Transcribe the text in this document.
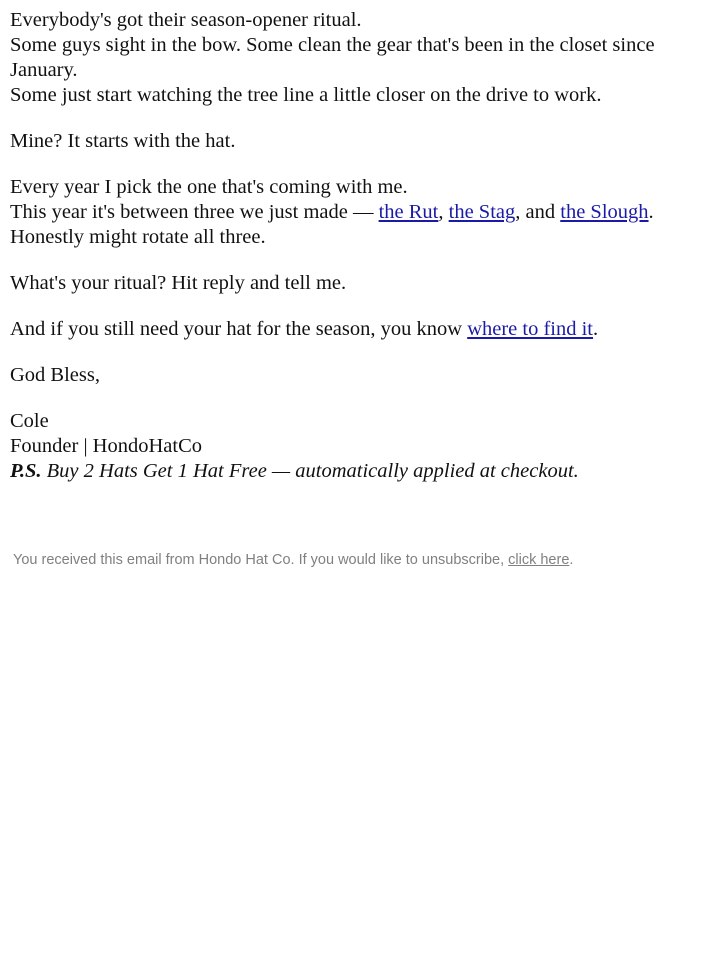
Everybody's got their season-opener ritual.

Some guys sight in the bow. Some clean the gear that's been in the closet since January.

Some just start watching the tree line a little closer on the drive to work.

Mine? It starts with the hat.

Every year I pick the one that's coming with me.

This year it's between three we just made — the Rut, the Stag, and the Slough.

Honestly might rotate all three.

What's your ritual? Hit reply and tell me.

And if you still need your hat for the season, you know where to find it.

God Bless,

Cole

Founder | HondoHatCo

P.S. Buy 2 Hats Get 1 Hat Free — automatically applied at checkout.

You received this email from Hondo Hat Co. If you would like to unsubscribe, click here.
